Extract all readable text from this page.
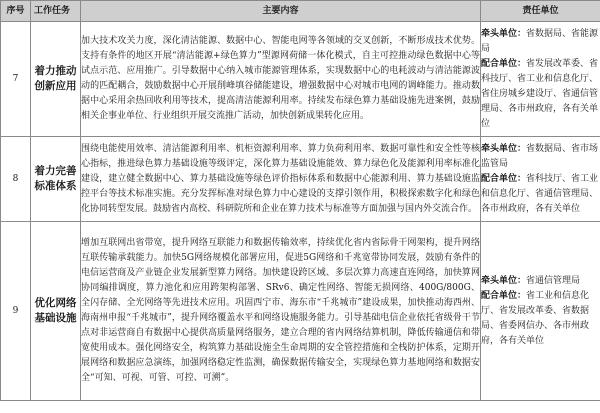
序号	工作任务	主要内容	责任单位
7	着力推动创新应用	加大技术攻关力度，深化清洁能源、数据中心、智能电网等各领域的交叉创新，不断形成技术优势。支持有条件的地区开展“清洁能源+绿色算力”型源网荷储一体化模式，自主可控推动绿色数据中心等试点示范、应用推广。引导数据中心纳入城市能源管理体系，实现数据中心的电耗波动与清洁能源波动的匹配耦合，鼓励数据中心开展削峰填谷储能建设，增强数据中心对城市电网的调峰能力。推动数据中心采用余热回收利用等技术，提高清洁能源利用率。持续发布绿色算力基础设施先进案例，鼓励相关企事业单位、行业组织开展交流推广活动，加快创新成果转化应用。	牵头单位：省数据局、省能源局

配合单位：省发展改革委、省科技厅、省工业和信息化厅、省住房城乡建设厅、省通信管理局、各市州政府，各有关单位

8	着力完善标准体系	围绕电能使用效率、清洁能源利用率、机柜资源利用率、算力负荷利用率、数据可靠性和安全性等核心指标，推进绿色算力基础设施等级评定，深化算力基础设施能效、算力绿色化及能源利用率标准化建设，建立健全数据中心、算力基础设施等绿色评价指标体系和数据中心能源利用、算力基础设施监控平台等技术标准实施。充分发挥标准对绿色算力中心建设的支撑引领作用，积极探索数字化和绿色化协同转型发展。鼓励省内高校、科研院所和企业在算力技术与标准等方面加强与国内外交流合作。	牵头单位：省数据局、省市场监管局

配合单位：省科技厅、省工业和信息化厅、省通信管理局、各市州政府，各有关单位

9	优化网络基础设施	增加互联网出省带宽，提升网络互联能力和数据传输效率，持续优化省内省际骨干网架构，提升网络互联传输承载能力。加快5G网络规模化部署应用，促进5G网络和千兆宽带协同发展，鼓励有条件的电信运营商及产业链企业发展新型算力网络。加快建设跨区域、多层次算力高速直连网络，加快算网协同编排调度，算力池化和应用跨架构部署、SRv6、确定性网络、智能无损网络、400G/800G、全闪存储、全光网络等先进技术应用。巩固西宁市、海东市“千兆城市”建设成果，加快推动海西州、海南州申报“千兆城市”，提升网络覆盖水平和网络设施服务能力。引导基础电信企业依托省级骨干节点对非运营商自有数据中心提供高质量网络服务，建立合理的省内网络结算机制，降低传输通信和带宽使用成本。强化网络安全，构筑算力基础设施全生命周期的安全管控措施和全栈防护体系，定期开展网络和数据应急演练，加强网络稳定性监测，确保数据传输安全，实现绿色算力基地网络和数据安全“可知、可视、可管、可控、可溯”。	牵头单位：省通信管理局

配合单位：省工业和信息化厅、省发展改革委、省数据局、省委网信办、各市州政府，各有关单位
